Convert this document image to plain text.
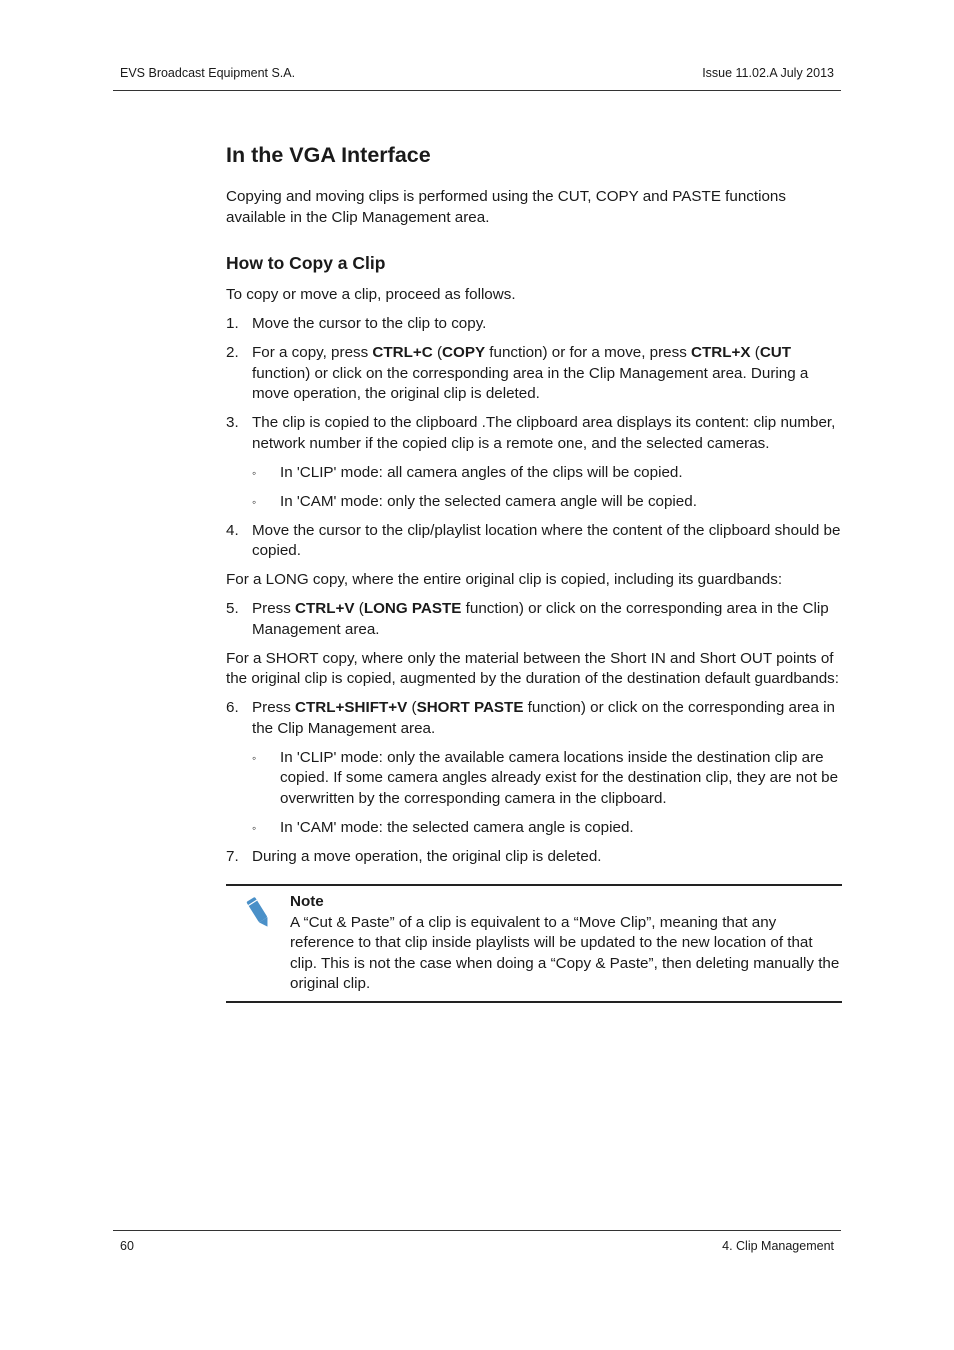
EVS Broadcast Equipment S.A.	Issue 11.02.A July 2013
In the VGA Interface

Copying and moving clips is performed using the CUT, COPY and PASTE functions available in the Clip Management area.

How to Copy a Clip

To copy or move a clip, proceed as follows.

1. Move the cursor to the clip to copy.
2. For a copy, press CTRL+C (COPY function) or for a move, press CTRL+X (CUT function) or click on the corresponding area in the Clip Management area. During a move operation, the original clip is deleted.
3. The clip is copied to the clipboard .The clipboard area displays its content: clip number, network number if the copied clip is a remote one, and the selected cameras.
◦ In 'CLIP' mode: all camera angles of the clips will be copied.
◦ In 'CAM' mode: only the selected camera angle will be copied.
4. Move the cursor to the clip/playlist location where the content of the clipboard should be copied.

For a LONG copy, where the entire original clip is copied, including its guardbands:

5. Press CTRL+V (LONG PASTE function) or click on the corresponding area in the Clip Management area.

For a SHORT copy, where only the material between the Short IN and Short OUT points of the original clip is copied, augmented by the duration of the destination default guardbands:

6. Press CTRL+SHIFT+V (SHORT PASTE function) or click on the corresponding area in the Clip Management area.
◦ In 'CLIP' mode: only the available camera locations inside the destination clip are copied. If some camera angles already exist for the destination clip, they are not be overwritten by the corresponding camera in the clipboard.
◦ In 'CAM' mode: the selected camera angle is copied.
7. During a move operation, the original clip is deleted.
Note
A “Cut & Paste” of a clip is equivalent to a “Move Clip”, meaning that any reference to that clip inside playlists will be updated to the new location of that clip. This is not the case when doing a “Copy & Paste”, then deleting manually the original clip.
60	4. Clip Management
